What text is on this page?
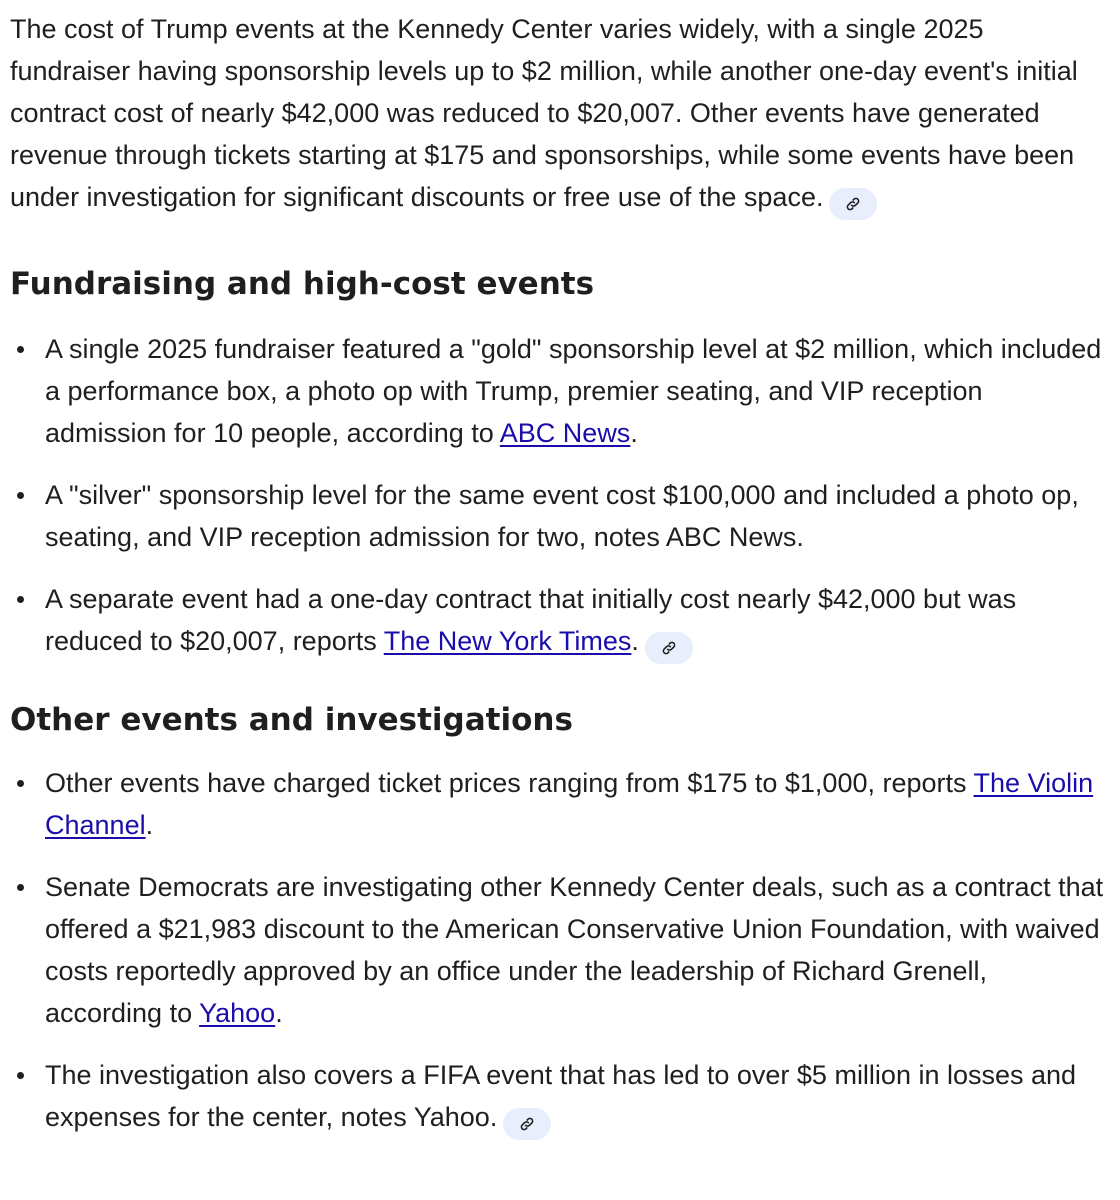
The cost of Trump events at the Kennedy Center varies widely, with a single 2025 fundraiser having sponsorship levels up to $2 million, while another one-day event's initial contract cost of nearly $42,000 was reduced to $20,007. Other events have generated revenue through tickets starting at $175 and sponsorships, while some events have been under investigation for significant discounts or free use of the space.

Fundraising and high-cost events
A single 2025 fundraiser featured a "gold" sponsorship level at $2 million, which included a performance box, a photo op with Trump, premier seating, and VIP reception admission for 10 people, according to ABC News.
A "silver" sponsorship level for the same event cost $100,000 and included a photo op, seating, and VIP reception admission for two, notes ABC News.
A separate event had a one-day contract that initially cost nearly $42,000 but was reduced to $20,007, reports The New York Times.
Other events and investigations
Other events have charged ticket prices ranging from $175 to $1,000, reports The Violin Channel.
Senate Democrats are investigating other Kennedy Center deals, such as a contract that offered a $21,983 discount to the American Conservative Union Foundation, with waived costs reportedly approved by an office under the leadership of Richard Grenell, according to Yahoo.
The investigation also covers a FIFA event that has led to over $5 million in losses and expenses for the center, notes Yahoo.
